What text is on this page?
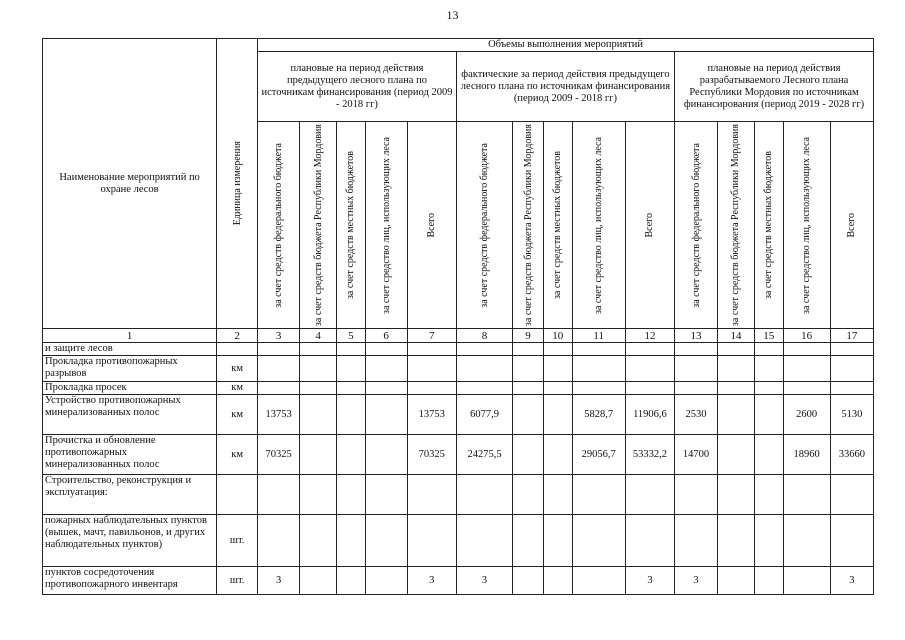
13
Наименование мероприятий по охране лесов	Единица измерения	Объемы выполнения мероприятий														
		плановые на период действия предыдущего лесного плана по источникам финансирования (период 2009 - 2018 гг)					фактические за период действия предыдущего лесного плана по источникам финансирования (период 2009 - 2018 гг)					плановые на период действия разрабатываемого Лесного плана Республики Мордовия по источникам финансирования (период 2019 - 2028 гг)				

		за счет средств федерального бюджета	за счет средств бюджета Республики Мордовия	за счет средств местных бюджетов	за счет средство лиц, использующих леса	Всего	за счет средств федерального бюджета	за счет средств бюджета Республики Мордовия	за счет средств местных бюджетов	за счет средство лиц, использующих леса	Всего	за счет средств федерального бюджета	за счет средств бюджета Республики Мордовия	за счет средств местных бюджетов	за счет средство лиц, использующих леса	Всего

1	2	3	4	5	6	7	8	9	10	11	12	13	14	15	16	17
и защите лесов																
Прокладка противопожарных разрывов	км															
Прокладка просек	км															
Устройство противопожарных минерализованных полос	км	13753				13753	6077,9			5828,7	11906,6	2530			2600	5130
Прочистка и обновление противопожарных минерализованных полос	км	70325				70325	24275,5			29056,7	53332,2	14700			18960	33660
Строительство, реконструкция и эксплуатация:																
пожарных наблюдательных пунктов (вышек, мачт, павильонов, и других наблюдательных пунктов)	шт.															
пунктов сосредоточения противопожарного инвентаря	шт.	3				3	3				3	3				3
